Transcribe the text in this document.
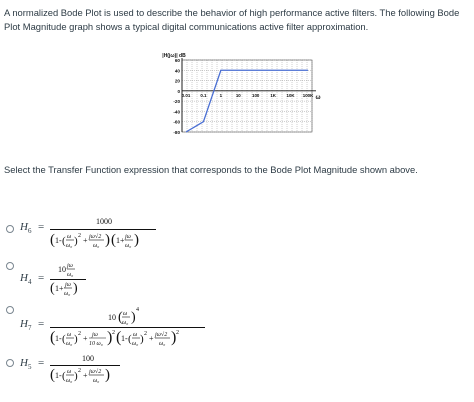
A normalized Bode Plot is used to describe the behavior of high performance active filters. The following Bode Plot Magnitude graph shows a typical digital communications active filter approximation.
60
40
20
0
-20
-40
-60
-80
0.01 0.1	1	10	100 1K 10K 100K
|H(jω)| dB
ω
Select the Transfer Function expression that corresponds to the Bode Plot Magnitude shown above.
$H_6$ =	1000
( 1- ( ω
ω₀ ) 2 + jω√2
ω₀ ) ( 1+ jω
ω₀ )
$H_4$ =
10 jω
ω₀
( 1+ jω
ω₀ )
$H_7$ =
10 ( ω
ω₀ ) 4
( 1- ( ω
ω₀ ) 2 + jω
10 ω₀ ) 2 ( 1- ( ω
ω₀ ) 2 + jω√2
ω₀ ) 2
$H_5$ =	100
( 1- ( ω
ω₀ ) 2 + jω√2
ω₀ )
